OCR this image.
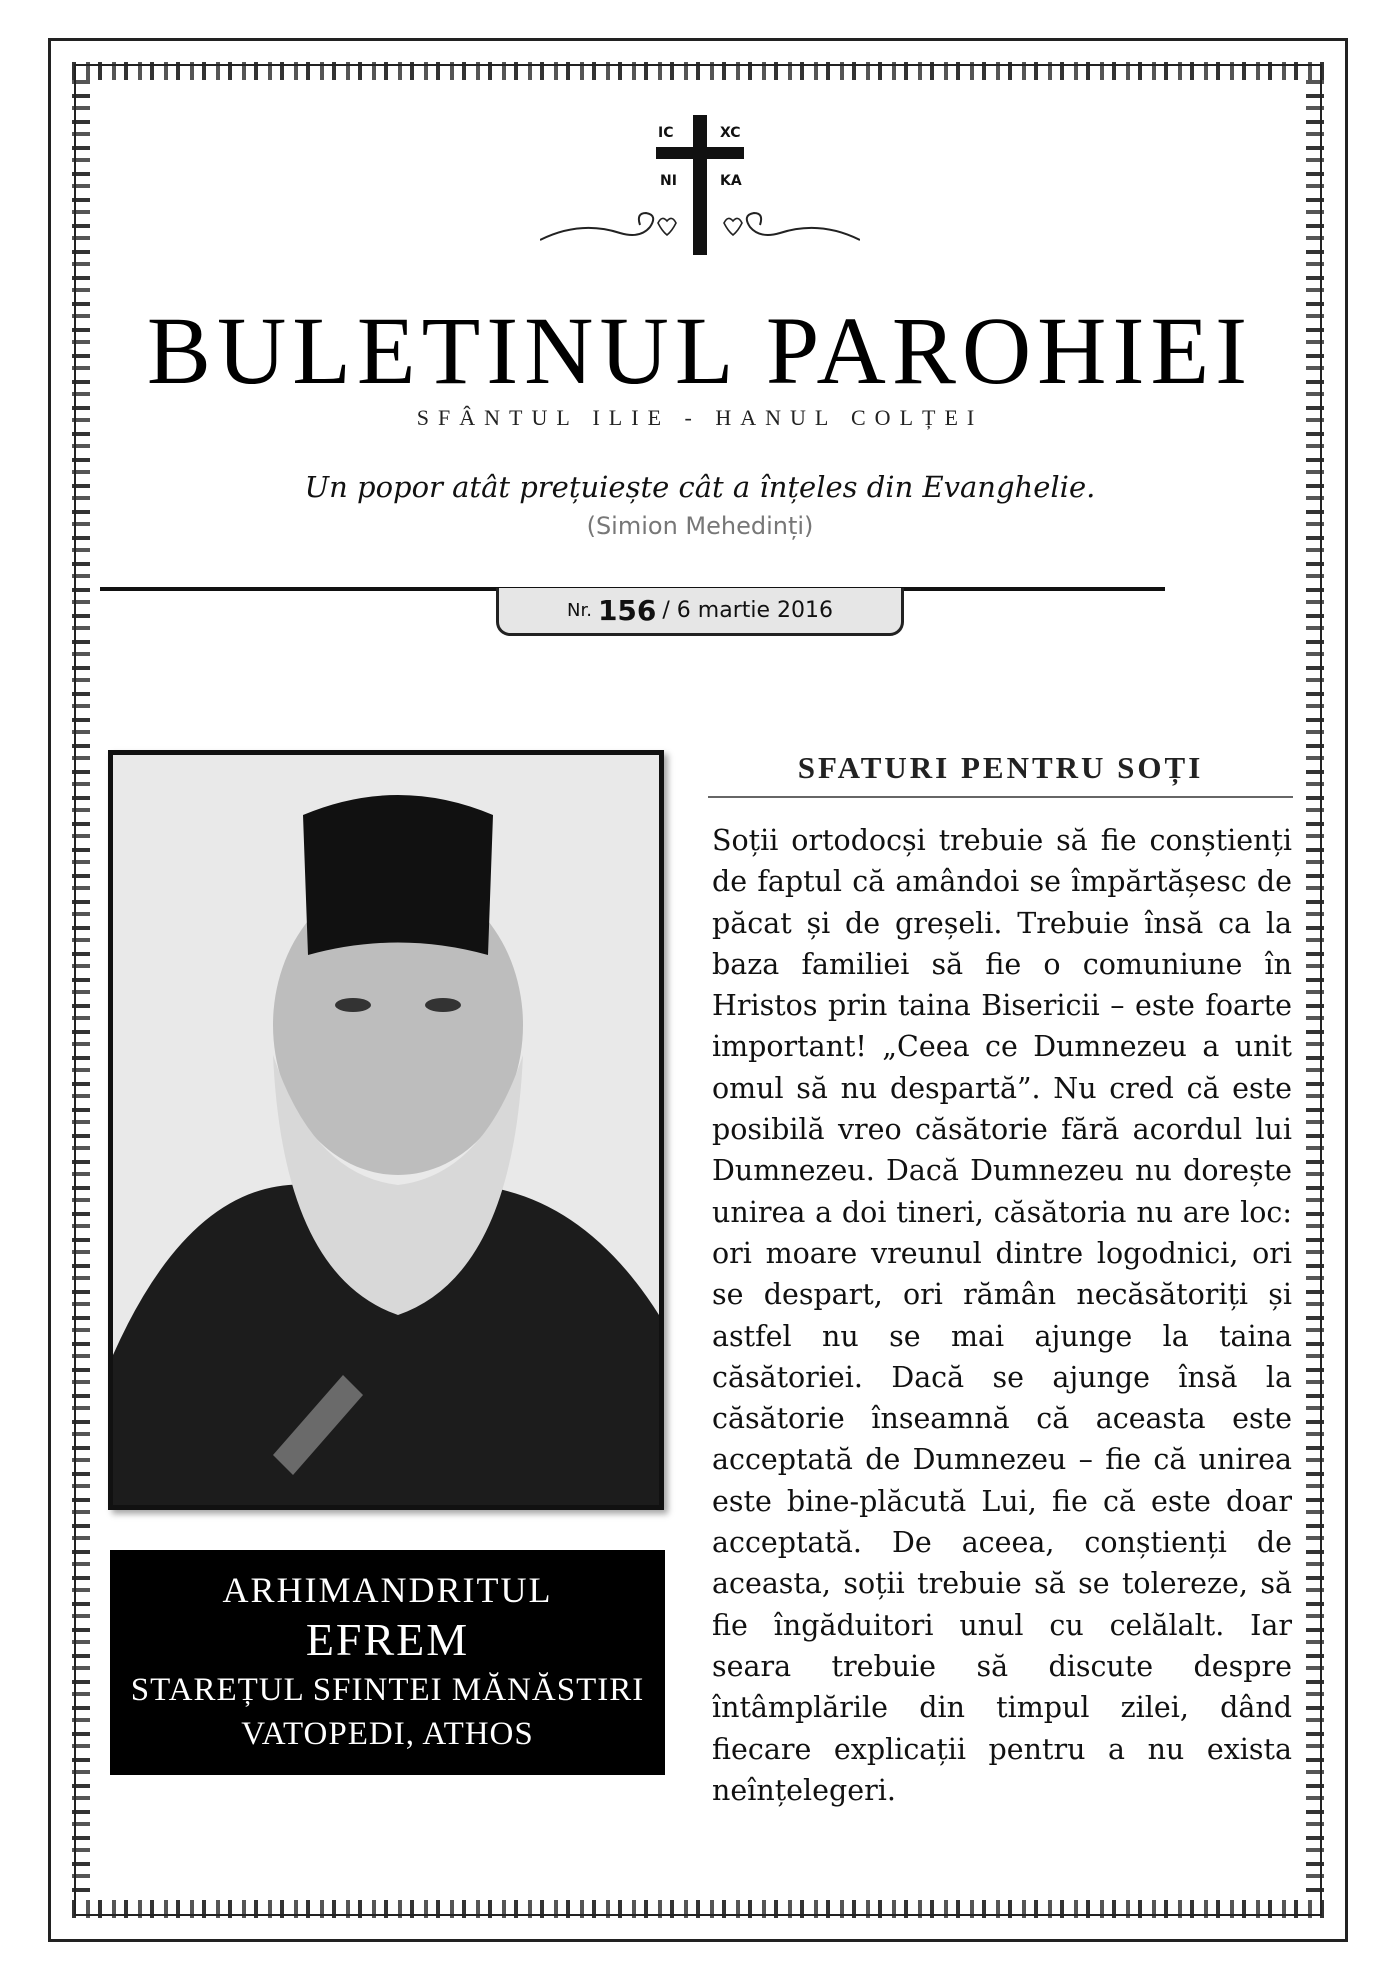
IC	XC
NI	KA
BULETINUL PAROHIEI
SFÂNTUL ILIE - HANUL COLȚEI
Un popor atât prețuiește cât a înțeles din Evanghelie.
(Simion Mehedinți)
Nr. 156 / 6 martie 2016
ARHIMANDRITUL
EFREM
STAREȚUL SFINTEI MĂNĂSTIRI
VATOPEDI, ATHOS
SFATURI PENTRU SOȚI
Soții ortodocși trebuie să fie conștienți de faptul că amândoi se împărtășesc de păcat și de greșeli. Trebuie însă ca la baza familiei să fie o comuniune în Hristos prin taina Bisericii – este foarte important! „Ceea ce Dumnezeu a unit omul să nu despartă”. Nu cred că este posibilă vreo căsătorie fără acordul lui Dumnezeu. Dacă Dumnezeu nu dorește unirea a doi tineri, căsătoria nu are loc: ori moare vreunul dintre logodnici, ori se despart, ori rămân necăsătoriți și astfel nu se mai ajunge la taina căsătoriei. Dacă se ajunge însă la căsătorie înseamnă că aceasta este acceptată de Dumnezeu – fie că unirea este bine-plăcută Lui, fie că este doar acceptată. De aceea, conștienți de aceasta, soții trebuie să se tolereze, să fie îngăduitori unul cu celălalt. Iar seara trebuie să discute despre întâmplările din timpul zilei, dând fiecare explicații pentru a nu exista neînțelegeri.
